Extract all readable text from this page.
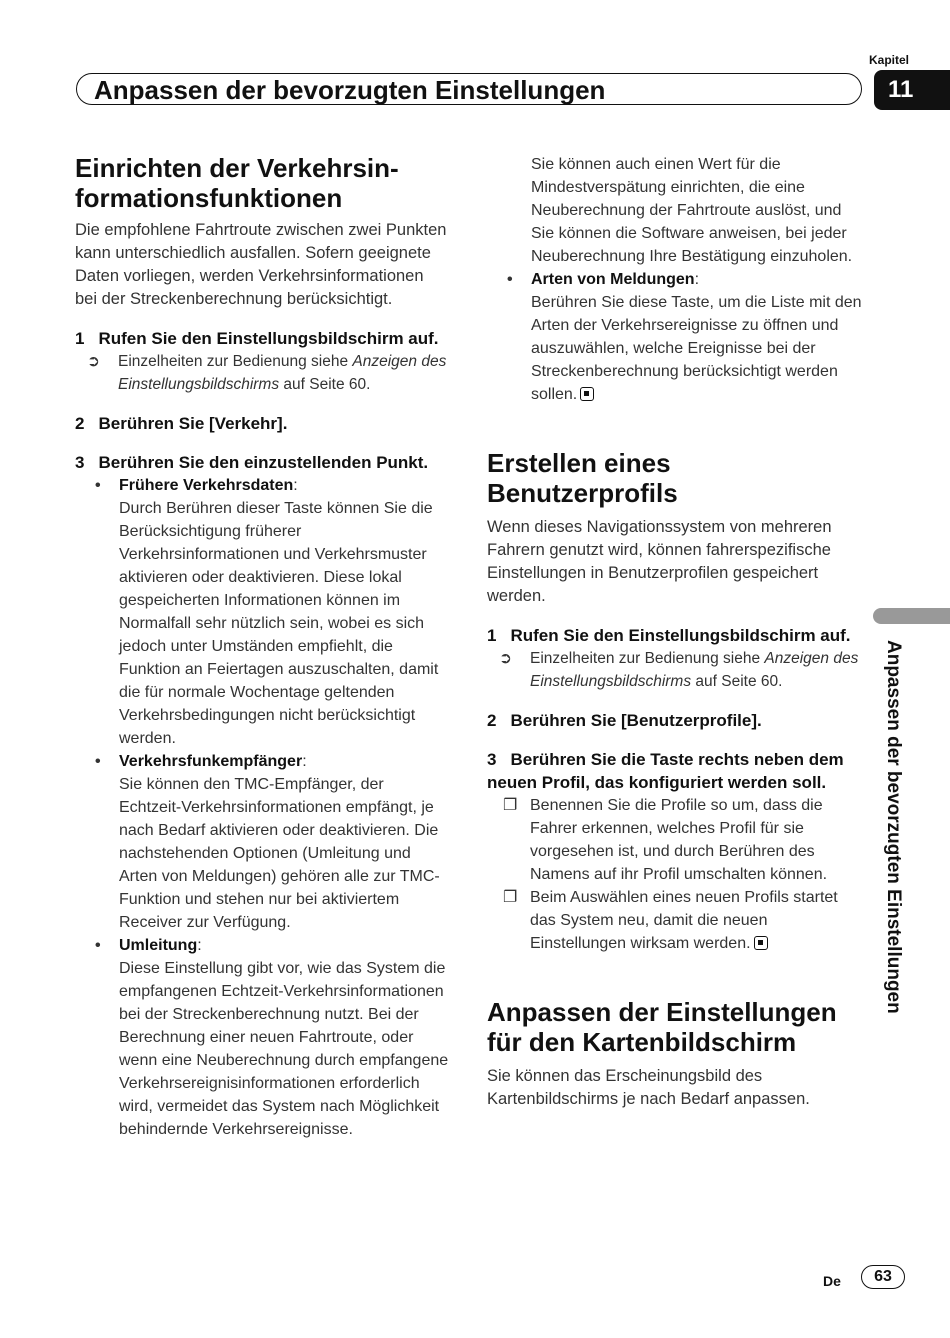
Kapitel
11
Anpassen der bevorzugten Einstellungen
Anpassen der bevorzugten Einstellungen
Einrichten der Verkehrsin-
formationsfunktionen

Die empfohlene Fahrtroute zwischen zwei Punkten kann unterschiedlich ausfallen. Sofern geeignete Daten vorliegen, werden Verkehrsinformationen bei der Streckenberechnung berücksichtigt.

1 Rufen Sie den Einstellungsbildschirm auf.
➲	Einzelheiten zur Bedienung siehe Anzeigen des Einstellungsbildschirms auf Seite 60.
2 Berühren Sie [Verkehr].
3 Berühren Sie den einzustellenden Punkt.
•	Frühere Verkehrsdaten:
Durch Berühren dieser Taste können Sie die Berücksichtigung früherer Verkehrsinformationen und Verkehrsmuster aktivieren oder deaktivieren. Diese lokal gespeicherten Informationen können im Normalfall sehr nützlich sein, wobei es sich jedoch unter Umständen empfiehlt, die Funktion an Feiertagen auszuschalten, damit die für normale Wochentage geltenden Verkehrsbedingungen nicht berücksichtigt werden.
•	Verkehrsfunkempfänger:
Sie können den TMC-Empfänger, der Echtzeit-Verkehrsinformationen empfängt, je nach Bedarf aktivieren oder deaktivieren. Die nachstehenden Optionen (Umleitung und Arten von Meldungen) gehören alle zur TMC-Funktion und stehen nur bei aktiviertem Receiver zur Verfügung.
•	Umleitung:
Diese Einstellung gibt vor, wie das System die empfangenen Echtzeit-Verkehrsinformationen bei der Streckenberechnung nutzt. Bei der Berechnung einer neuen Fahrtroute, oder wenn eine Neuberechnung durch empfangene Verkehrsereignisinformationen erforderlich wird, vermeidet das System nach Möglichkeit behindernde Verkehrsereignisse.

Sie können auch einen Wert für die Mindestverspätung einrichten, die eine Neuberechnung der Fahrtroute auslöst, und Sie können die Software anweisen, bei jeder Neuberechnung Ihre Bestätigung einzuholen.

•	Arten von Meldungen:
Berühren Sie diese Taste, um die Liste mit den Arten der Verkehrsereignisse zu öffnen und auszuwählen, welche Ereignisse bei der Streckenberechnung berücksichtigt werden sollen.
Erstellen eines Benutzerprofils

Wenn dieses Navigationssystem von mehreren Fahrern genutzt wird, können fahrerspezifische Einstellungen in Benutzerprofilen gespeichert werden.

1 Rufen Sie den Einstellungsbildschirm auf.
➲	Einzelheiten zur Bedienung siehe Anzeigen des Einstellungsbildschirms auf Seite 60.
2 Berühren Sie [Benutzerprofile].
3 Berühren Sie die Taste rechts neben dem neuen Profil, das konfiguriert werden soll.
❐ Benennen Sie die Profile so um, dass die Fahrer erkennen, welches Profil für sie vorgesehen ist, und durch Berühren des Namens auf ihr Profil umschalten können.
❐ Beim Auswählen eines neuen Profils startet das System neu, damit die neuen Einstellungen wirksam werden.
Anpassen der Einstellungen
für den Kartenbildschirm

Sie können das Erscheinungsbild des Kartenbildschirms je nach Bedarf anpassen.

De	63
